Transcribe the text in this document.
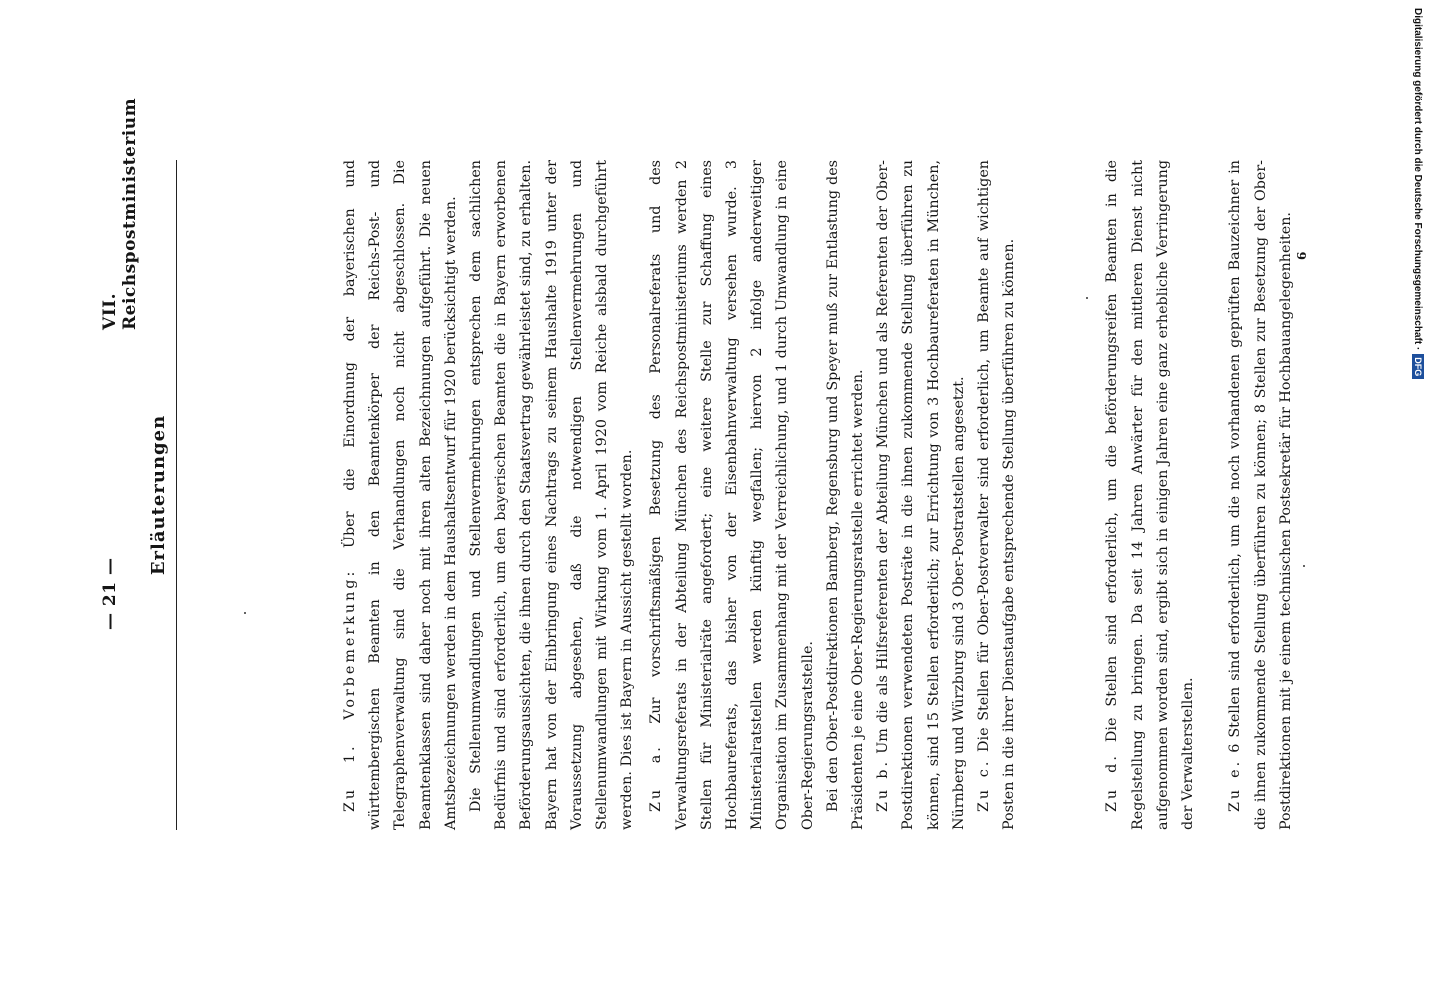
Digitalisierung gefördert durch die Deutsche Forschungsgemeinschaft ·
DFG
— 21 —
VII. Reichspostministerium
Erläuterungen

Zu 1. Vorbemerkung: Über die Einordnung der bayerischen und württembergischen Beamten in den Beamtenkörper der Reichs-Post- und Telegraphenverwaltung sind die Verhandlungen noch nicht abgeschlossen. Die Beamtenklassen sind daher noch mit ihren alten Bezeichnungen aufgeführt. Die neuen Amtsbezeichnungen werden in dem Haushaltsentwurf für 1920 berücksichtigt werden. Die Stellenumwandlungen und Stellenvermehrungen entsprechen dem sachlichen Bedürfnis und sind erforderlich, um den bayerischen Beamten die in Bayern erworbenen Beförderungsaussichten, die ihnen durch den Staatsvertrag gewährleistet sind, zu erhalten. Bayern hat von der Einbringung eines Nachtrags zu seinem Haushalte 1919 unter der Voraussetzung abgesehen, daß die notwendigen Stellenvermehrungen und Stellenumwandlungen mit Wirkung vom 1. April 1920 vom Reiche alsbald durchgeführt werden. Dies ist Bayern in Aussicht gestellt worden. Zu a. Zur vorschriftsmäßigen Besetzung des Personalreferats und des Verwaltungsreferats in der Abteilung München des Reichspostministeriums werden 2 Stellen für Ministerialräte angefordert; eine weitere Stelle zur Schaffung eines Hochbaureferats, das bisher von der Eisenbahnverwaltung versehen wurde. 3 Ministerialratstellen werden künftig wegfallen; hiervon 2 infolge anderweitiger Organisation im Zusammenhang mit der Verreichlichung, und 1 durch Umwandlung in eine Ober-Regierungsratstelle. Bei den Ober-Postdirektionen Bamberg, Regensburg und Speyer muß zur Entlastung des Präsidenten je eine Ober-Regierungsratstelle errichtet werden. Zu b. Um die als Hilfsreferenten der Abteilung München und als Referenten der Ober-Postdirektionen verwendeten Posträte in die ihnen zukommende Stellung überführen zu können, sind 15 Stellen erforderlich; zur Errichtung von 3 Hochbaureferaten in München, Nürnberg und Würzburg sind 3 Ober-Postratstellen angesetzt. Zu c. Die Stellen für Ober-Postverwalter sind erforderlich, um Beamte auf wichtigen Posten in die ihrer Dienstaufgabe entsprechende Stellung überführen zu können.	Zu d. Die Stellen sind erforderlich, um die beförderungsreifen Beamten in die Regelstellung zu bringen. Da seit 14 Jahren Anwärter für den mittleren Dienst nicht aufgenommen worden sind, ergibt sich in einigen Jahren eine ganz erhebliche Verringerung der Verwalterstellen.	Zu e. 6 Stellen sind erforderlich, um die noch vorhandenen geprüften Bauzeichner in die ihnen zukommende Stellung überführen zu können; 8 Stellen zur Besetzung der Ober-Postdirektionen mit je einem technischen Postsekretär für Hochbauangelegenheiten. 6
